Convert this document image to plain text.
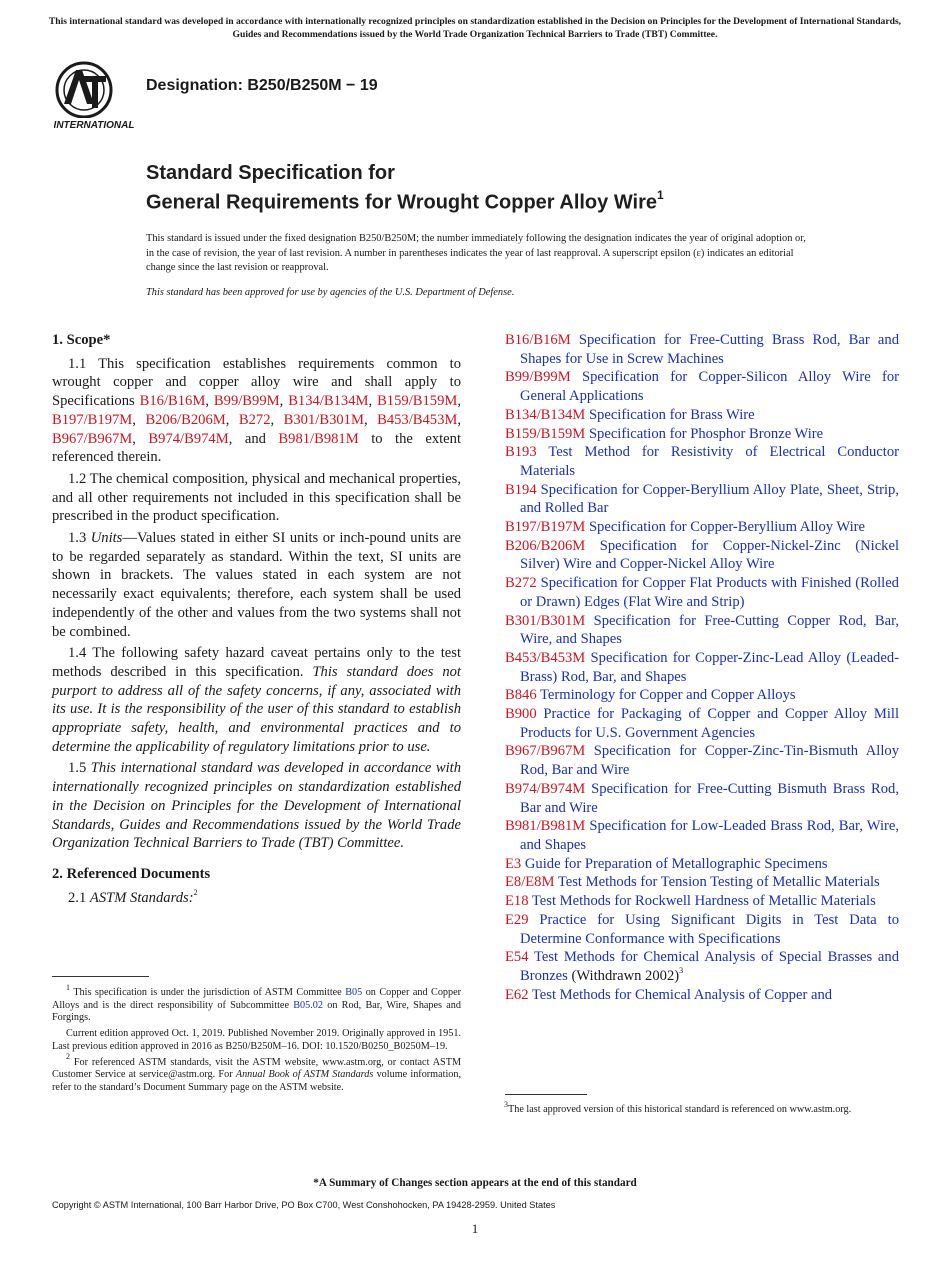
This international standard was developed in accordance with internationally recognized principles on standardization established in the Decision on Principles for the Development of International Standards, Guides and Recommendations issued by the World Trade Organization Technical Barriers to Trade (TBT) Committee.
INTERNATIONAL
Designation: B250/B250M − 19
Standard Specification for
General Requirements for Wrought Copper Alloy Wire$^1$
This standard is issued under the fixed designation B250/B250M; the number immediately following the designation indicates the year of original adoption or, in the case of revision, the year of last revision. A number in parentheses indicates the year of last reapproval. A superscript epsilon (ε) indicates an editorial change since the last revision or reapproval.
This standard has been approved for use by agencies of the U.S. Department of Defense.

1. Scope*

1.1 This specification establishes requirements common to wrought copper and copper alloy wire and shall apply to Specifications B16/B16M, B99/B99M, B134/B134M, B159/B159M, B197/B197M, B206/B206M, B272, B301/B301M, B453/B453M, B967/B967M, B974/B974M, and B981/B981M to the extent referenced therein.

1.2 The chemical composition, physical and mechanical properties, and all other requirements not included in this specification shall be prescribed in the product specification.

1.3 Units—Values stated in either SI units or inch-pound units are to be regarded separately as standard. Within the text, SI units are shown in brackets. The values stated in each system are not necessarily exact equivalents; therefore, each system shall be used independently of the other and values from the two systems shall not be combined.

1.4 The following safety hazard caveat pertains only to the test methods described in this specification. This standard does not purport to address all of the safety concerns, if any, associated with its use. It is the responsibility of the user of this standard to establish appropriate safety, health, and environmental practices and to determine the applicability of regulatory limitations prior to use.

1.5 This international standard was developed in accordance with internationally recognized principles on standardization established in the Decision on Principles for the Development of International Standards, Guides and Recommendations issued by the World Trade Organization Technical Barriers to Trade (TBT) Committee.

2. Referenced Documents

2.1 ASTM Standards:$^2$

B16/B16M Specification for Free-Cutting Brass Rod, Bar and Shapes for Use in Screw Machines

B99/B99M Specification for Copper-Silicon Alloy Wire for General Applications

B134/B134M Specification for Brass Wire

B159/B159M Specification for Phosphor Bronze Wire

B193 Test Method for Resistivity of Electrical Conductor Materials

B194 Specification for Copper-Beryllium Alloy Plate, Sheet, Strip, and Rolled Bar

B197/B197M Specification for Copper-Beryllium Alloy Wire

B206/B206M Specification for Copper-Nickel-Zinc (Nickel Silver) Wire and Copper-Nickel Alloy Wire

B272 Specification for Copper Flat Products with Finished (Rolled or Drawn) Edges (Flat Wire and Strip)

B301/B301M Specification for Free-Cutting Copper Rod, Bar, Wire, and Shapes

B453/B453M Specification for Copper-Zinc-Lead Alloy (Leaded-Brass) Rod, Bar, and Shapes

B846 Terminology for Copper and Copper Alloys

B900 Practice for Packaging of Copper and Copper Alloy Mill Products for U.S. Government Agencies

B967/B967M Specification for Copper-Zinc-Tin-Bismuth Alloy Rod, Bar and Wire

B974/B974M Specification for Free-Cutting Bismuth Brass Rod, Bar and Wire

B981/B981M Specification for Low-Leaded Brass Rod, Bar, Wire, and Shapes

E3 Guide for Preparation of Metallographic Specimens

E8/E8M Test Methods for Tension Testing of Metallic Materials

E18 Test Methods for Rockwell Hardness of Metallic Materials

E29 Practice for Using Significant Digits in Test Data to Determine Conformance with Specifications

E54 Test Methods for Chemical Analysis of Special Brasses and Bronzes (Withdrawn 2002)$^3$

E62 Test Methods for Chemical Analysis of Copper and

$^1$ This specification is under the jurisdiction of ASTM Committee B05 on Copper and Copper Alloys and is the direct responsibility of Subcommittee B05.02 on Rod, Bar, Wire, Shapes and Forgings.

Current edition approved Oct. 1, 2019. Published November 2019. Originally approved in 1951. Last previous edition approved in 2016 as B250/B250M–16. DOI: 10.1520/B0250_B0250M–19.

$^2$ For referenced ASTM standards, visit the ASTM website, www.astm.org, or contact ASTM Customer Service at service@astm.org. For Annual Book of ASTM Standards volume information, refer to the standard’s Document Summary page on the ASTM website.

$^3$The last approved version of this historical standard is referenced on www.astm.org.

*A Summary of Changes section appears at the end of this standard
Copyright © ASTM International, 100 Barr Harbor Drive, PO Box C700, West Conshohocken, PA 19428-2959. United States
1
